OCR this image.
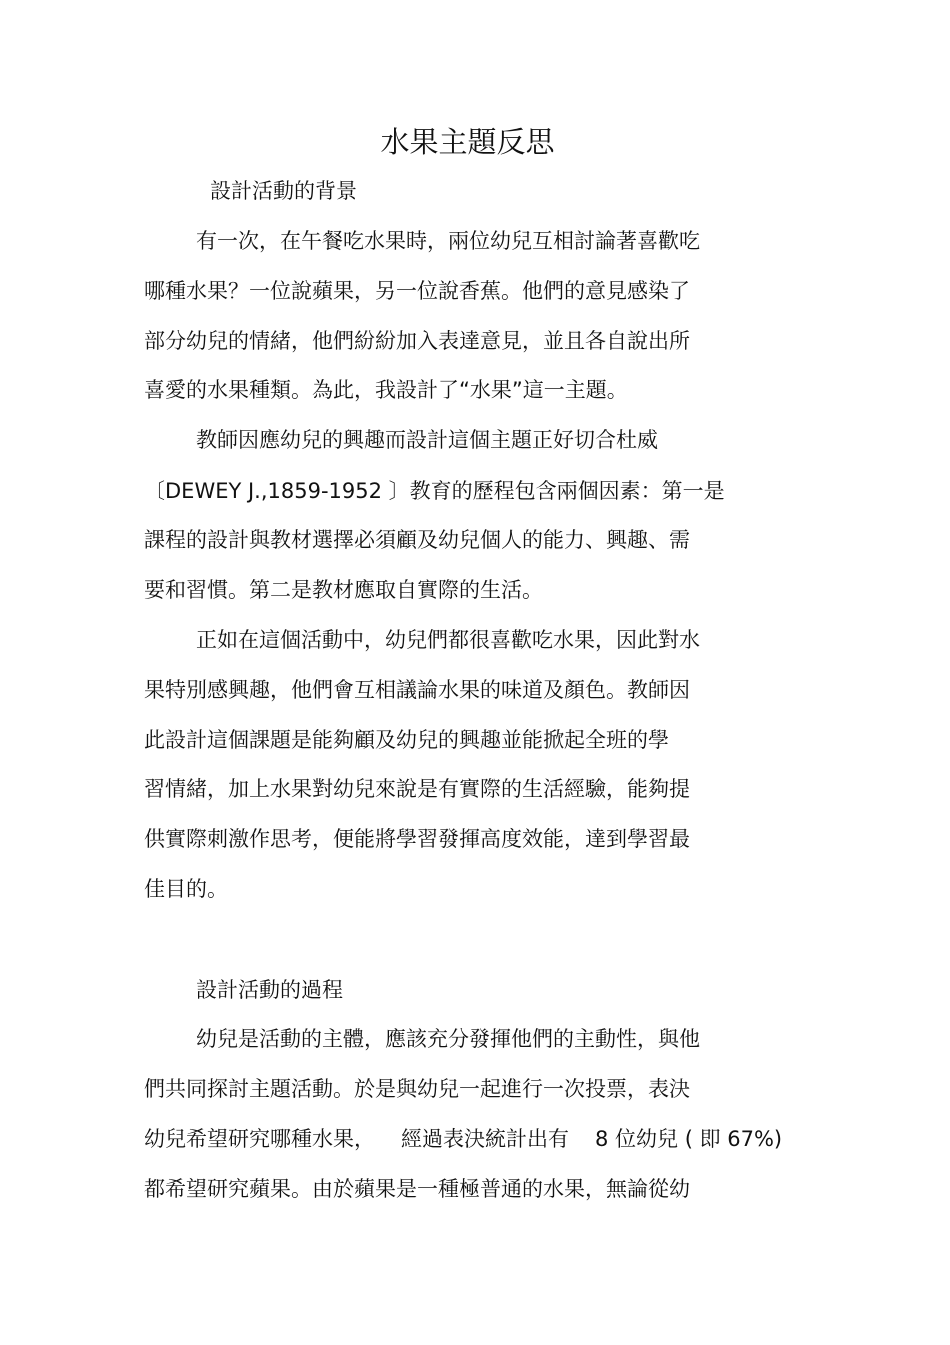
水果主題反思
設計活動的背景
有一次，在午餐吃水果時，兩位幼兒互相討論著喜歡吃
哪種水果？一位說蘋果，另一位說香蕉。他們的意見感染了
部分幼兒的情緒，他們紛紛加入表達意見，並且各自說出所
喜愛的水果種類。為此，我設計了“水果”這一主題。
教師因應幼兒的興趣而設計這個主題正好切合杜威
〔DEWEY J.,1859-1952 〕教育的歷程包含兩個因素：第一是
課程的設計與教材選擇必須顧及幼兒個人的能力、興趣、需
要和習慣。第二是教材應取自實際的生活。
正如在這個活動中，幼兒們都很喜歡吃水果，因此對水
果特別感興趣，他們會互相議論水果的味道及顏色。教師因
此設計這個課題是能夠顧及幼兒的興趣並能掀起全班的學
習情緒，加上水果對幼兒來說是有實際的生活經驗，能夠提
供實際刺激作思考，便能將學習發揮高度效能，達到學習最
佳目的。
設計活動的過程
幼兒是活動的主體，應該充分發揮他們的主動性，與他
們共同探討主題活動。於是與幼兒一起進行一次投票，表決
幼兒希望研究哪種水果， 經過表決統計出有 8 位幼兒 ( 即 67%)
都希望研究蘋果。由於蘋果是一種極普通的水果，無論從幼
